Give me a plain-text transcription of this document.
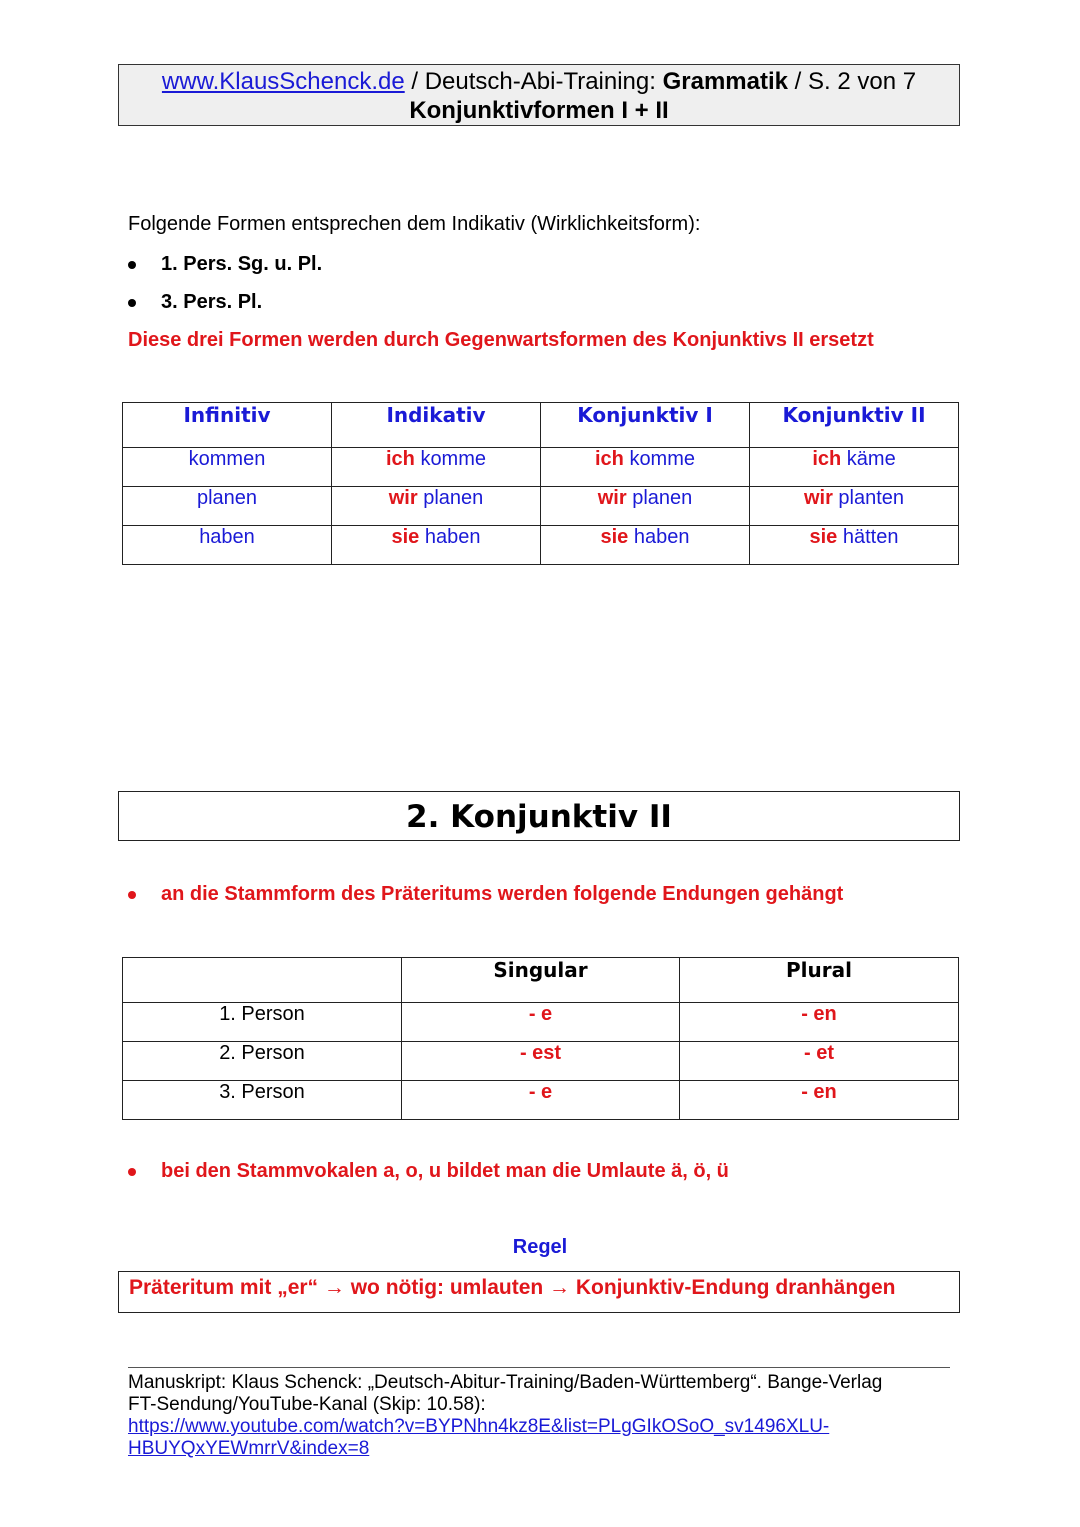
www.KlausSchenck.de / Deutsch-Abi-Training: Grammatik / S. 2 von 7
Konjunktivformen I + II
Folgende Formen entsprechen dem Indikativ (Wirklichkeitsform):
1. Pers. Sg. u. Pl.
3. Pers. Pl.
Diese drei Formen werden durch Gegenwartsformen des Konjunktivs II ersetzt
Infinitiv	Indikativ	Konjunktiv I	Konjunktiv II
kommen	ich komme	ich komme	ich käme
planen	wir planen	wir planen	wir planten
haben	sie haben	sie haben	sie hätten
2. Konjunktiv II
an die Stammform des Präteritums werden folgende Endungen gehängt
	Singular	Plural
1. Person	- e	- en
2. Person	- est	- et
3. Person	- e	- en
bei den Stammvokalen a, o, u bildet man die Umlaute ä, ö, ü
Regel
Präteritum mit „er“ → wo nötig: umlauten → Konjunktiv-Endung dranhängen
Manuskript: Klaus Schenck: „Deutsch-Abitur-Training/Baden-Württemberg“. Bange-Verlag
FT-Sendung/YouTube-Kanal (Skip: 10.58):
https://www.youtube.com/watch?v=BYPNhn4kz8E&list=PLgGIkOSoO_sv1496XLU-
HBUYQxYEWmrrV&index=8
